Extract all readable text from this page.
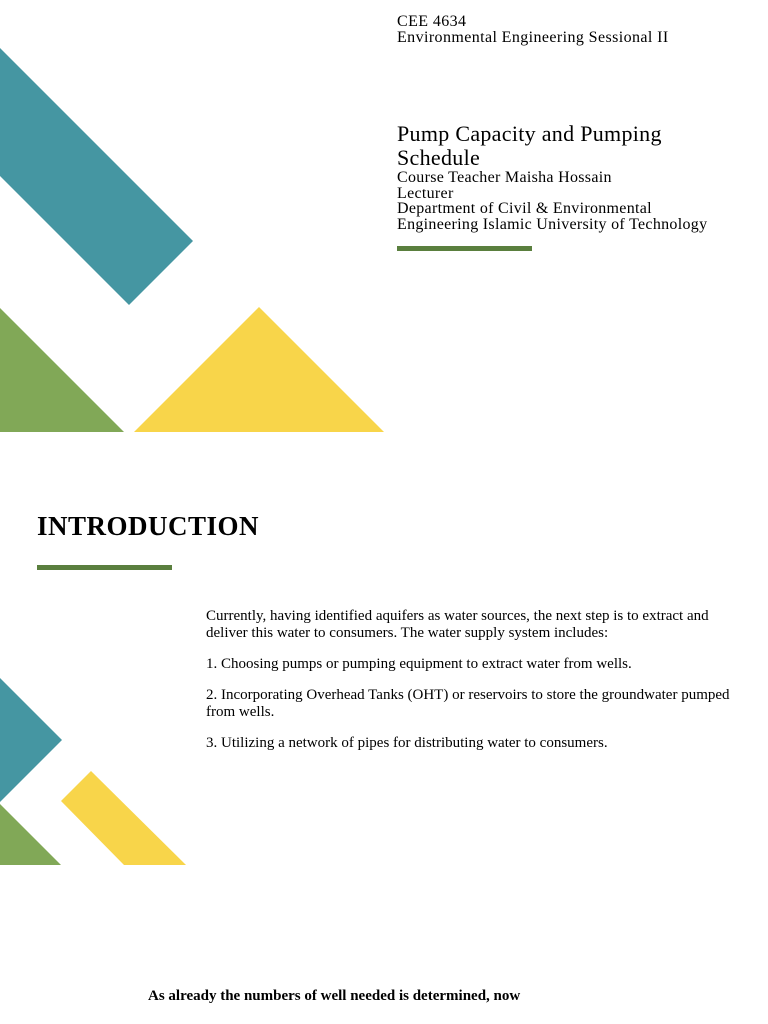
CEE 4634
Environmental Engineering Sessional II
Pump Capacity and Pumping
Schedule
Course Teacher Maisha Hossain
Lecturer
Department of Civil & Environmental
Engineering Islamic University of Technology
INTRODUCTION

Currently, having identified aquifers as water sources, the next step is to extract and deliver this water to consumers. The water supply system includes:

1. Choosing pumps or pumping equipment to extract water from wells.

2. Incorporating Overhead Tanks (OHT) or reservoirs to store the groundwater pumped from wells.

3. Utilizing a network of pipes for distributing water to consumers.

As already the numbers of well needed is determined, now
